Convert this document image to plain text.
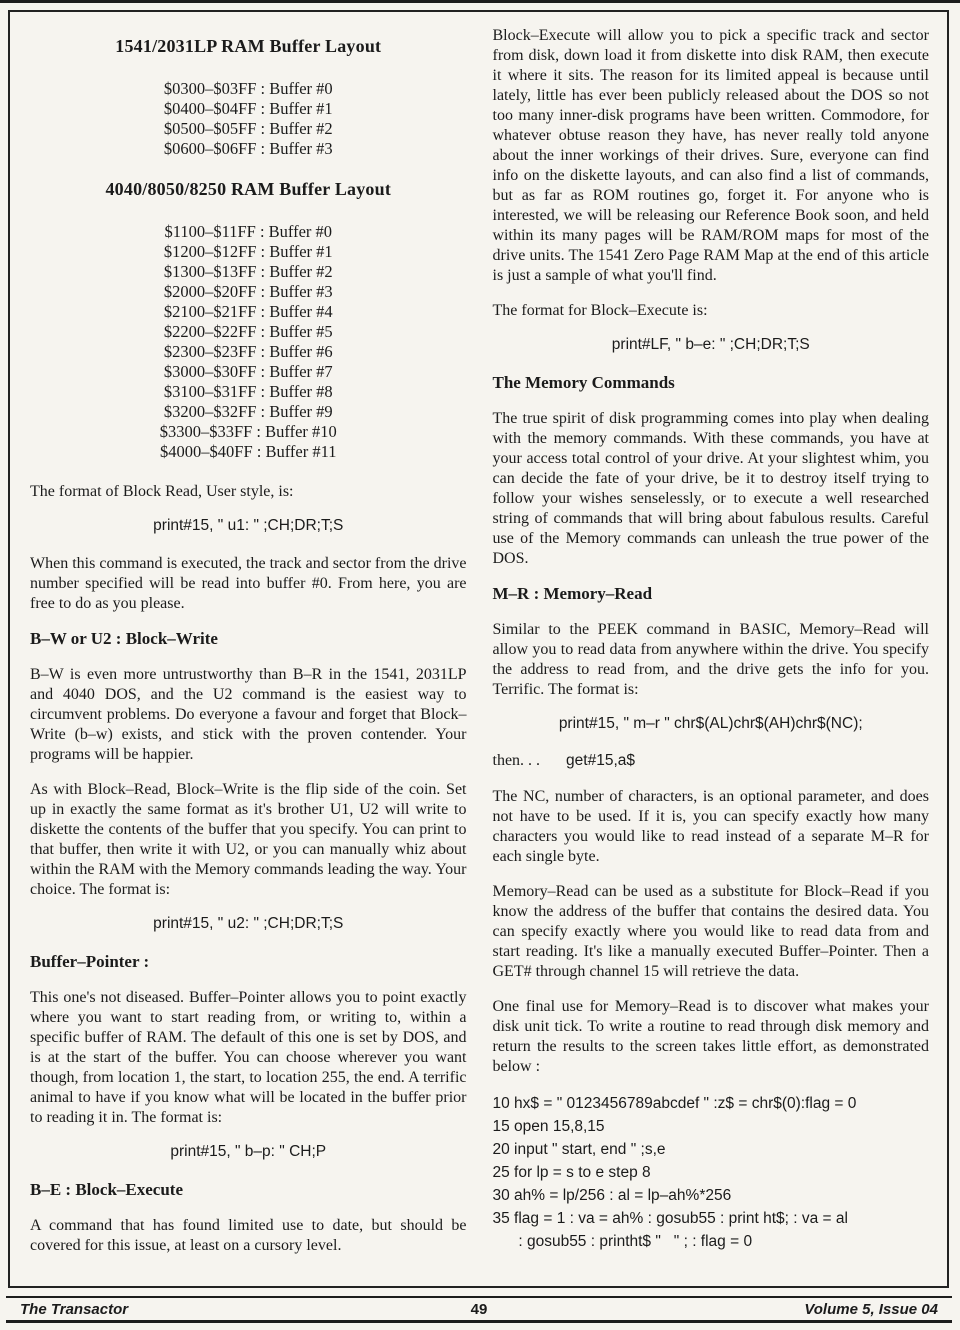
1541/2031LP RAM Buffer Layout
$0300–$03FF : Buffer #0
$0400–$04FF : Buffer #1
$0500–$05FF : Buffer #2
$0600–$06FF : Buffer #3
4040/8050/8250 RAM Buffer Layout
$1100–$11FF : Buffer #0
$1200–$12FF : Buffer #1
$1300–$13FF : Buffer #2
$2000–$20FF : Buffer #3
$2100–$21FF : Buffer #4
$2200–$22FF : Buffer #5
$2300–$23FF : Buffer #6
$3000–$30FF : Buffer #7
$3100–$31FF : Buffer #8
$3200–$32FF : Buffer #9
$3300–$33FF : Buffer #10
$4000–$40FF : Buffer #11

The format of Block Read, User style, is:

print#15, " u1: " ;CH;DR;T;S

When this command is executed, the track and sector from the drive number specified will be read into buffer #0. From here, you are free to do as you please.

B–W or U2 : Block–Write

B–W is even more untrustworthy than B–R in the 1541, 2031LP and 4040 DOS, and the U2 command is the easiest way to circumvent problems. Do everyone a favour and forget that Block–Write (b–w) exists, and stick with the proven contender. Your programs will be happier.

As with Block–Read, Block–Write is the flip side of the coin. Set up in exactly the same format as it's brother U1, U2 will write to diskette the contents of the buffer that you specify. You can print to that buffer, then write it with U2, or you can manually whiz about within the RAM with the Memory commands leading the way. Your choice. The format is:

print#15, " u2: " ;CH;DR;T;S
Buffer–Pointer :

This one's not diseased. Buffer–Pointer allows you to point exactly where you want to start reading from, or writing to, within a specific buffer of RAM. The default of this one is set by DOS, and is at the start of the buffer. You can choose wherever you want though, from location 1, the start, to location 255, the end. A terrific animal to have if you know what will be located in the buffer prior to reading it in. The format is:

print#15, " b–p: " CH;P
B–E : Block–Execute

A command that has found limited use to date, but should be covered for this issue, at least on a cursory level.

Block–Execute will allow you to pick a specific track and sector from disk, down load it from diskette into disk RAM, then execute it where it sits. The reason for its limited appeal is because until lately, little has ever been publicly released about the DOS so not too many inner-disk programs have been written. Commodore, for whatever obtuse reason they have, has never really told anyone about the inner workings of their drives. Sure, everyone can find info on the diskette layouts, and can also find a list of commands, but as far as ROM routines go, forget it. For anyone who is interested, we will be releasing our Reference Book soon, and held within its many pages will be RAM/ROM maps for most of the drive units. The 1541 Zero Page RAM Map at the end of this article is just a sample of what you'll find.

The format for Block–Execute is:

print#LF, " b–e: " ;CH;DR;T;S
The Memory Commands

The true spirit of disk programming comes into play when dealing with the memory commands. With these commands, you have at your access total control of your drive. At your slightest whim, you can decide the fate of your drive, be it to destroy itself trying to follow your wishes senselessly, or to execute a well researched string of commands that will bring about fabulous results. Careful use of the Memory commands can unleash the true power of the DOS.

M–R : Memory–Read

Similar to the PEEK command in BASIC, Memory–Read will allow you to read data from anywhere within the drive. You specify the address to read from, and the drive gets the info for you. Terrific. The format is:

print#15, " m–r " chr$(AL)chr$(AH)chr$(NC);
then. . . get#15,a$

The NC, number of characters, is an optional parameter, and does not have to be used. If it is, you can specify exactly how many characters you would like to read instead of a separate M–R for each single byte.

Memory–Read can be used as a substitute for Block–Read if you know the address of the buffer that contains the desired data. You can specify exactly where you would like to read data from and start reading. It's like a manually executed Buffer–Pointer. Then a GET# through channel 15 will retrieve the data.

One final use for Memory–Read is to discover what makes your disk unit tick. To write a routine to read through disk memory and return the results to the screen takes little effort, as demonstrated below :

10 hx$ = " 0123456789abcdef " :z$ = chr$(0):flag = 0
15 open 15,8,15
20 input " start, end " ;s,e
25 for lp = s to e step 8
30 ah% = lp/256 : al = lp–ah%*256
35 flag = 1 : va = ah% : gosub55 : print ht$; : va = al
: gosub55 : printht$ "   " ; : flag = 0
The Transactor	49	Volume 5, Issue 04
